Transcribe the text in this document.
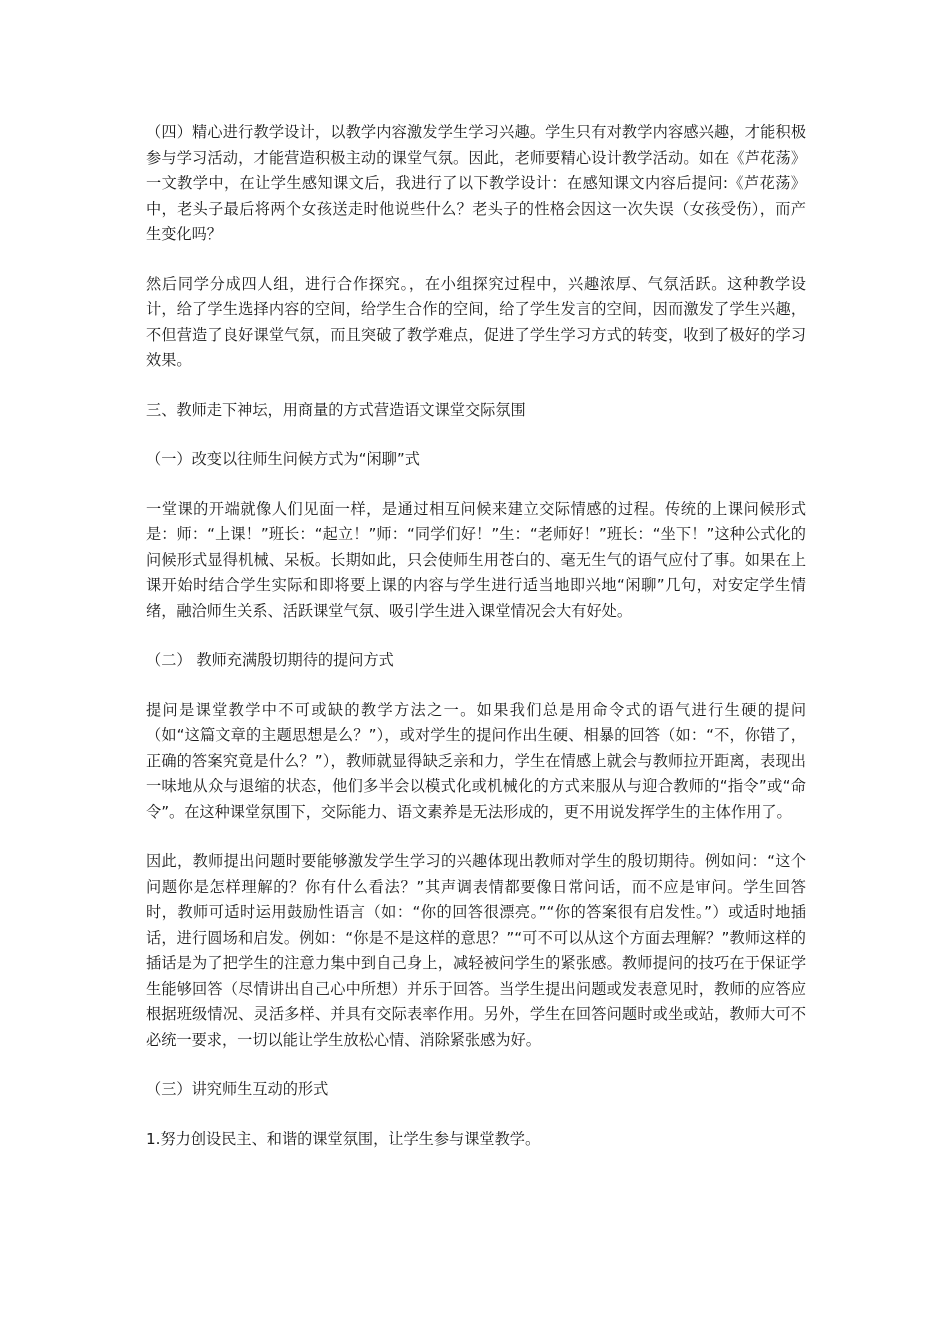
（四）精心进行教学设计，以教学内容激发学生学习兴趣。学生只有对教学内容感兴趣，才能积极参与学习活动，才能营造积极主动的课堂气氛。因此，老师要精心设计教学活动。如在《芦花荡》一文教学中，在让学生感知课文后，我进行了以下教学设计：在感知课文内容后提问:《芦花荡》中，老头子最后将两个女孩送走时他说些什么？老头子的性格会因这一次失误（女孩受伤），而产生变化吗？

然后同学分成四人组，进行合作探究。，在小组探究过程中，兴趣浓厚、气氛活跃。这种教学设计，给了学生选择内容的空间，给学生合作的空间，给了学生发言的空间，因而激发了学生兴趣，不但营造了良好课堂气氛，而且突破了教学难点，促进了学生学习方式的转变，收到了极好的学习效果。

三、教师走下神坛，用商量的方式营造语文课堂交际氛围

（一）改变以往师生问候方式为“闲聊”式

一堂课的开端就像人们见面一样，是通过相互问候来建立交际情感的过程。传统的上课问候形式是：师：“上课！”班长：“起立！”师：“同学们好！”生：“老师好！”班长：“坐下！”这种公式化的问候形式显得机械、呆板。长期如此，只会使师生用苍白的、毫无生气的语气应付了事。如果在上课开始时结合学生实际和即将要上课的内容与学生进行适当地即兴地“闲聊”几句，对安定学生情绪，融洽师生关系、活跃课堂气氛、吸引学生进入课堂情况会大有好处。

（二） 教师充满殷切期待的提问方式

提问是课堂教学中不可或缺的教学方法之一。如果我们总是用命令式的语气进行生硬的提问（如“这篇文章的主题思想是么？”），或对学生的提问作出生硬、相暴的回答（如：“不，你错了，正确的答案究竟是什么？”），教师就显得缺乏亲和力，学生在情感上就会与教师拉开距离，表现出一味地从众与退缩的状态，他们多半会以模式化或机械化的方式来服从与迎合教师的“指令”或“命令”。在这种课堂氛围下，交际能力、语文素养是无法形成的，更不用说发挥学生的主体作用了。

因此，教师提出问题时要能够激发学生学习的兴趣体现出教师对学生的殷切期待。例如问：“这个问题你是怎样理解的？你有什么看法？”其声调表情都要像日常问话，而不应是审问。学生回答时，教师可适时运用鼓励性语言（如：“你的回答很漂亮。”“你的答案很有启发性。”）或适时地插话，进行圆场和启发。例如：“你是不是这样的意思？”“可不可以从这个方面去理解？”教师这样的插话是为了把学生的注意力集中到自己身上，减轻被问学生的紧张感。教师提问的技巧在于保证学生能够回答（尽情讲出自己心中所想）并乐于回答。当学生提出问题或发表意见时，教师的应答应根据班级情况、灵活多样、并具有交际表率作用。另外，学生在回答问题时或坐或站，教师大可不必统一要求，一切以能让学生放松心情、消除紧张感为好。

（三）讲究师生互动的形式

1.努力创设民主、和谐的课堂氛围，让学生参与课堂教学。
